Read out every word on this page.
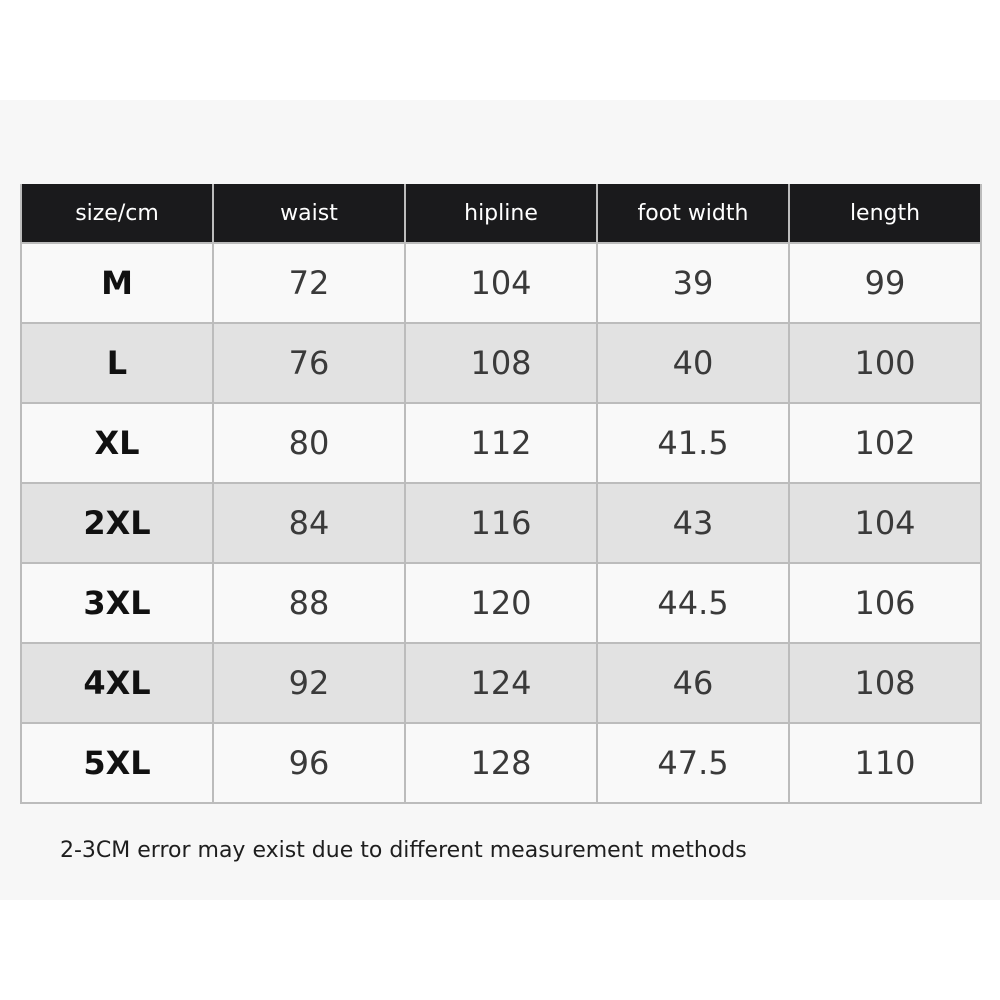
size/cm	waist	hipline	foot width	length
M	72	104	39	99
L	76	108	40	100
XL	80	112	41.5	102
2XL	84	116	43	104
3XL	88	120	44.5	106
4XL	92	124	46	108
5XL	96	128	47.5	110
2-3CM error may exist due to different measurement methods
